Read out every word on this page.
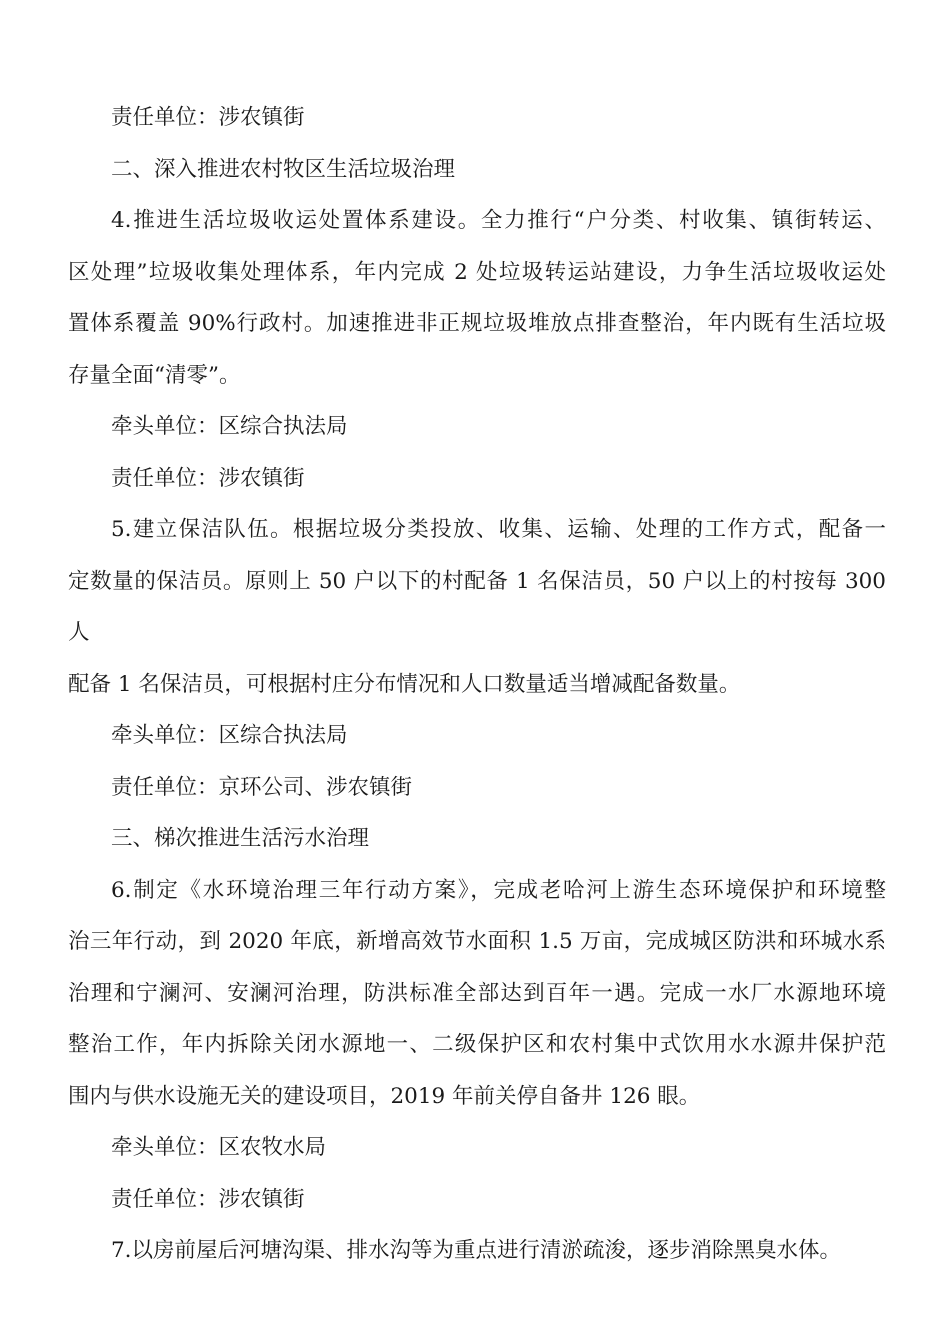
责任单位：涉农镇街
二、深入推进农村牧区生活垃圾治理
4.推进生活垃圾收运处置体系建设。全力推行“户分类、村收集、镇街转运、
区处理”垃圾收集处理体系，年内完成 2 处垃圾转运站建设，力争生活垃圾收运处
置体系覆盖 90%行政村。加速推进非正规垃圾堆放点排查整治，年内既有生活垃圾
存量全面“清零”。
牵头单位：区综合执法局
责任单位：涉农镇街
5.建立保洁队伍。根据垃圾分类投放、收集、运输、处理的工作方式，配备一
定数量的保洁员。原则上 50 户以下的村配备 1 名保洁员，50 户以上的村按每 300 人
配备 1 名保洁员，可根据村庄分布情况和人口数量适当增减配备数量。
牵头单位：区综合执法局
责任单位：京环公司、涉农镇街
三、梯次推进生活污水治理
6.制定《水环境治理三年行动方案》，完成老哈河上游生态环境保护和环境整
治三年行动，到 2020 年底，新增高效节水面积 1.5 万亩，完成城区防洪和环城水系
治理和宁澜河、安澜河治理，防洪标准全部达到百年一遇。完成一水厂水源地环境
整治工作，年内拆除关闭水源地一、二级保护区和农村集中式饮用水水源井保护范
围内与供水设施无关的建设项目，2019 年前关停自备井 126 眼。
牵头单位：区农牧水局
责任单位：涉农镇街
7.以房前屋后河塘沟渠、排水沟等为重点进行清淤疏浚，逐步消除黑臭水体。
